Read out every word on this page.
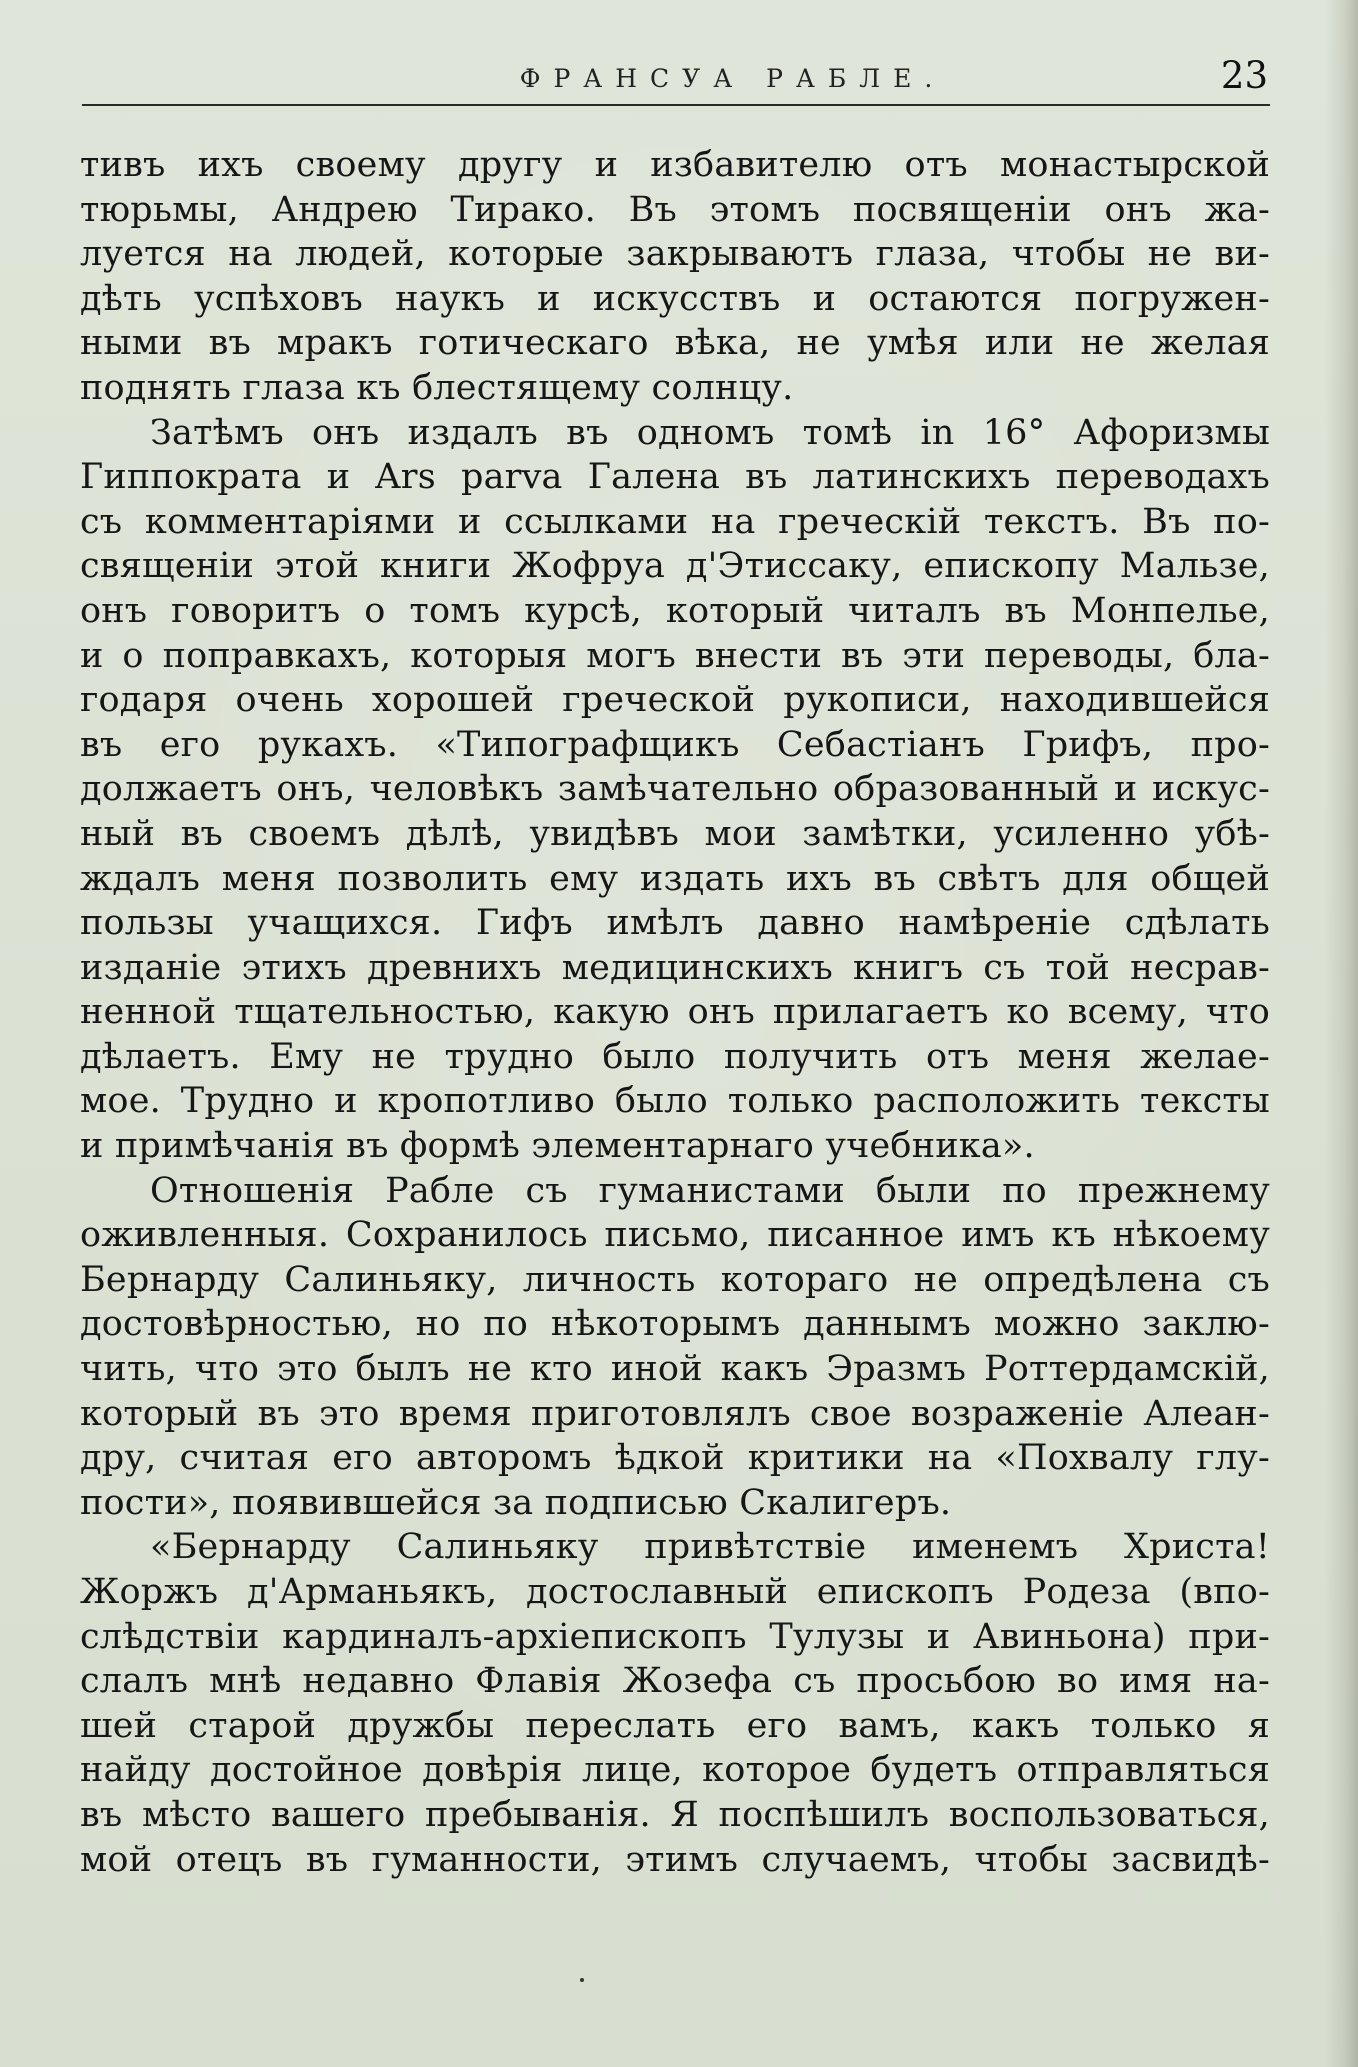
ФРАНСУА РАБЛЕ.	23
тивъ ихъ своему другу и избавителю отъ монастырской
тюрьмы, Андрею Тирако. Въ этомъ посвященіи онъ жа-
луется на людей, которые закрываютъ глаза, чтобы не ви-
дѣть успѣховъ наукъ и искусствъ и остаются погружен-
ными въ мракъ готическаго вѣка, не умѣя или не желая
поднять глаза къ блестящему солнцу.
Затѣмъ онъ издалъ въ одномъ томѣ in 16° Афоризмы
Гиппократа и Ars parva Галена въ латинскихъ переводахъ
съ комментаріями и ссылками на греческій текстъ. Въ по-
священіи этой книги Жофруа д'Этиссаку, епископу Мальзе,
онъ говоритъ о томъ курсѣ, который читалъ въ Монпелье,
и о поправкахъ, которыя могъ внести въ эти переводы, бла-
годаря очень хорошей греческой рукописи, находившейся
въ его рукахъ. «Типографщикъ Себастіанъ Грифъ, про-
должаетъ онъ, человѣкъ замѣчательно образованный и искус-
ный въ своемъ дѣлѣ, увидѣвъ мои замѣтки, усиленно убѣ-
ждалъ меня позволить ему издать ихъ въ свѣтъ для общей
пользы учащихся. Гифъ имѣлъ давно намѣреніе сдѣлать
изданіе этихъ древнихъ медицинскихъ книгъ съ той несрав-
ненной тщательностью, какую онъ прилагаетъ ко всему, что
дѣлаетъ. Ему не трудно было получить отъ меня желае-
мое. Трудно и кропотливо было только расположить тексты
и примѣчанія въ формѣ элементарнаго учебника».
Отношенія Рабле съ гуманистами были по прежнему
оживленныя. Сохранилось письмо, писанное имъ къ нѣкоему
Бернарду Салиньяку, личность котораго не опредѣлена съ
достовѣрностью, но по нѣкоторымъ даннымъ можно заклю-
чить, что это былъ не кто иной какъ Эразмъ Роттердамскій,
который въ это время приготовлялъ свое возраженіе Алеан-
дру, считая его авторомъ ѣдкой критики на «Похвалу глу-
пости», появившейся за подписью Скалигеръ.
«Бернарду Салиньяку привѣтствіе именемъ Христа!
Жоржъ д'Арманьякъ, достославный епископъ Родеза (впо-
слѣдствіи кардиналъ-архіепископъ Тулузы и Авиньона) при-
слалъ мнѣ недавно Флавія Жозефа съ просьбою во имя на-
шей старой дружбы переслать его вамъ, какъ только я
найду достойное довѣрія лице, которое будетъ отправляться
въ мѣсто вашего пребыванія. Я поспѣшилъ воспользоваться,
мой отецъ въ гуманности, этимъ случаемъ, чтобы засвидѣ-
